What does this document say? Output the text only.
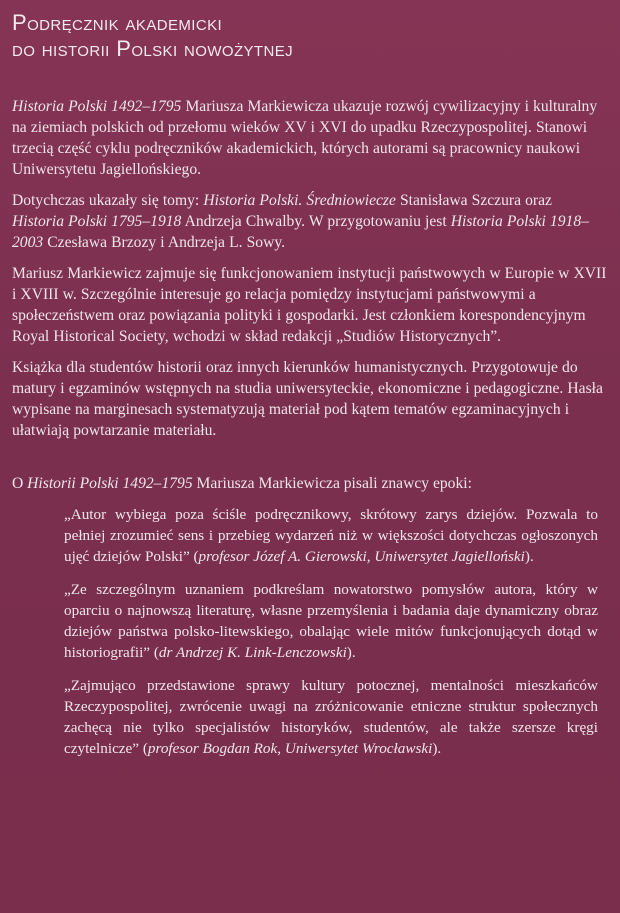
Podręcznik akademicki
do historii Polski nowożytnej

Historia Polski 1492–1795 Mariusza Markiewicza ukazuje rozwój cywilizacyjny i kulturalny na ziemiach polskich od przełomu wieków XV i XVI do upadku Rzeczypospolitej. Stanowi trzecią część cyklu podręczników akademickich, których autorami są pracownicy naukowi Uniwersytetu Jagiellońskiego.

Dotychczas ukazały się tomy: Historia Polski. Średniowiecze Stanisława Szczura oraz Historia Polski 1795–1918 Andrzeja Chwalby. W przygotowaniu jest Historia Polski 1918–2003 Czesława Brzozy i Andrzeja L. Sowy.

Mariusz Markiewicz zajmuje się funkcjonowaniem instytucji państwowych w Europie w XVII i XVIII w. Szczególnie interesuje go relacja pomiędzy instytucjami państwowymi a społeczeństwem oraz powiązania polityki i gospodarki. Jest członkiem korespondencyjnym Royal Historical Society, wchodzi w skład redakcji „Studiów Historycznych”.

Książka dla studentów historii oraz innych kierunków humanistycznych. Przygotowuje do matury i egzaminów wstępnych na studia uniwersyteckie, ekonomiczne i pedagogiczne. Hasła wypisane na marginesach systematyzują materiał pod kątem tematów egzaminacyjnych i ułatwiają powtarzanie materiału.

O Historii Polski 1492–1795 Mariusza Markiewicza pisali znawcy epoki:

„Autor wybiega poza ściśle podręcznikowy, skrótowy zarys dziejów. Pozwala to pełniej zrozumieć sens i przebieg wydarzeń niż w większości dotychczas ogłoszonych ujęć dziejów Polski” (profesor Józef A. Gierowski, Uniwersytet Jagielloński).

„Ze szczególnym uznaniem podkreślam nowatorstwo pomysłów autora, który w oparciu o najnowszą literaturę, własne przemyślenia i badania daje dynamiczny obraz dziejów państwa polsko-litewskiego, obalając wiele mitów funkcjonujących dotąd w historiografii” (dr Andrzej K. Link-Lenczowski).

„Zajmująco przedstawione sprawy kultury potocznej, mentalności mieszkańców Rzeczypospolitej, zwrócenie uwagi na zróżnicowanie etniczne struktur społecznych zachęcą nie tylko specjalistów historyków, studentów, ale także szersze kręgi czytelnicze” (profesor Bogdan Rok, Uniwersytet Wrocławski).
